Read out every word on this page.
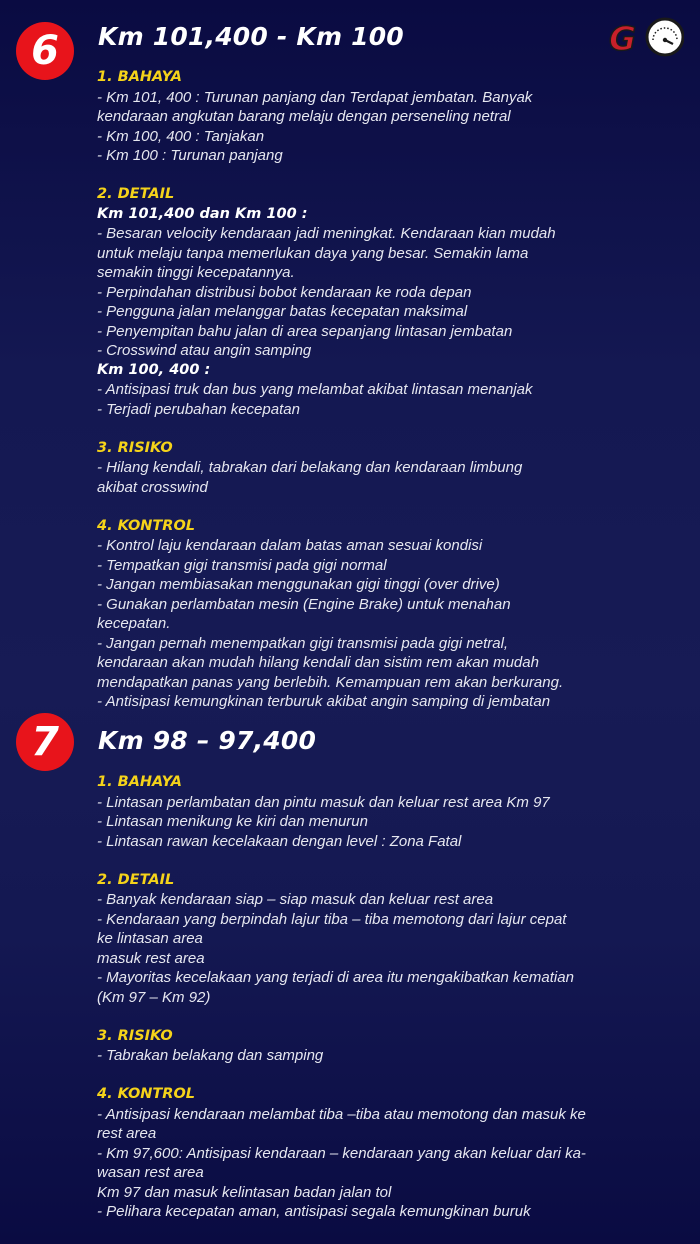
G
6	Km 101,400 - Km 100
1. BAHAYA
- Km 101, 400 : Turunan panjang dan Terdapat jembatan. Banyak
kendaraan angkutan barang melaju dengan perseneling netral
- Km 100, 400 : Tanjakan
- Km 100 : Turunan panjang
2. DETAIL
Km 101,400 dan Km 100 :
- Besaran velocity kendaraan jadi meningkat. Kendaraan kian mudah
untuk melaju tanpa memerlukan daya yang besar. Semakin lama
semakin tinggi kecepatannya.
- Perpindahan distribusi bobot kendaraan ke roda depan
- Pengguna jalan melanggar batas kecepatan maksimal
- Penyempitan bahu jalan di area sepanjang lintasan jembatan
- Crosswind atau angin samping
Km 100, 400 :
- Antisipasi truk dan bus yang melambat akibat lintasan menanjak
- Terjadi perubahan kecepatan
3. RISIKO
- Hilang kendali, tabrakan dari belakang dan kendaraan limbung
akibat crosswind
4. KONTROL
- Kontrol laju kendaraan dalam batas aman sesuai kondisi
- Tempatkan gigi transmisi pada gigi normal
- Jangan membiasakan menggunakan gigi tinggi (over drive)
- Gunakan perlambatan mesin (Engine Brake) untuk menahan
kecepatan.
- Jangan pernah menempatkan gigi transmisi pada gigi netral,
kendaraan akan mudah hilang kendali dan sistim rem akan mudah
mendapatkan panas yang berlebih. Kemampuan rem akan berkurang.
- Antisipasi kemungkinan terburuk akibat angin samping di jembatan
7	Km 98 – 97,400
1. BAHAYA
- Lintasan perlambatan dan pintu masuk dan keluar rest area Km 97
- Lintasan menikung ke kiri dan menurun
- Lintasan rawan kecelakaan dengan level : Zona Fatal
2. DETAIL
- Banyak kendaraan siap – siap masuk dan keluar rest area
- Kendaraan yang berpindah lajur tiba – tiba memotong dari lajur cepat
ke lintasan area
masuk rest area
- Mayoritas kecelakaan yang terjadi di area itu mengakibatkan kematian
(Km 97 – Km 92)
3. RISIKO
- Tabrakan belakang dan samping
4. KONTROL
- Antisipasi kendaraan melambat tiba –tiba atau memotong dan masuk ke
rest area
- Km 97,600: Antisipasi kendaraan – kendaraan yang akan keluar dari ka-
wasan rest area
Km 97 dan masuk kelintasan badan jalan tol
- Pelihara kecepatan aman, antisipasi segala kemungkinan buruk
